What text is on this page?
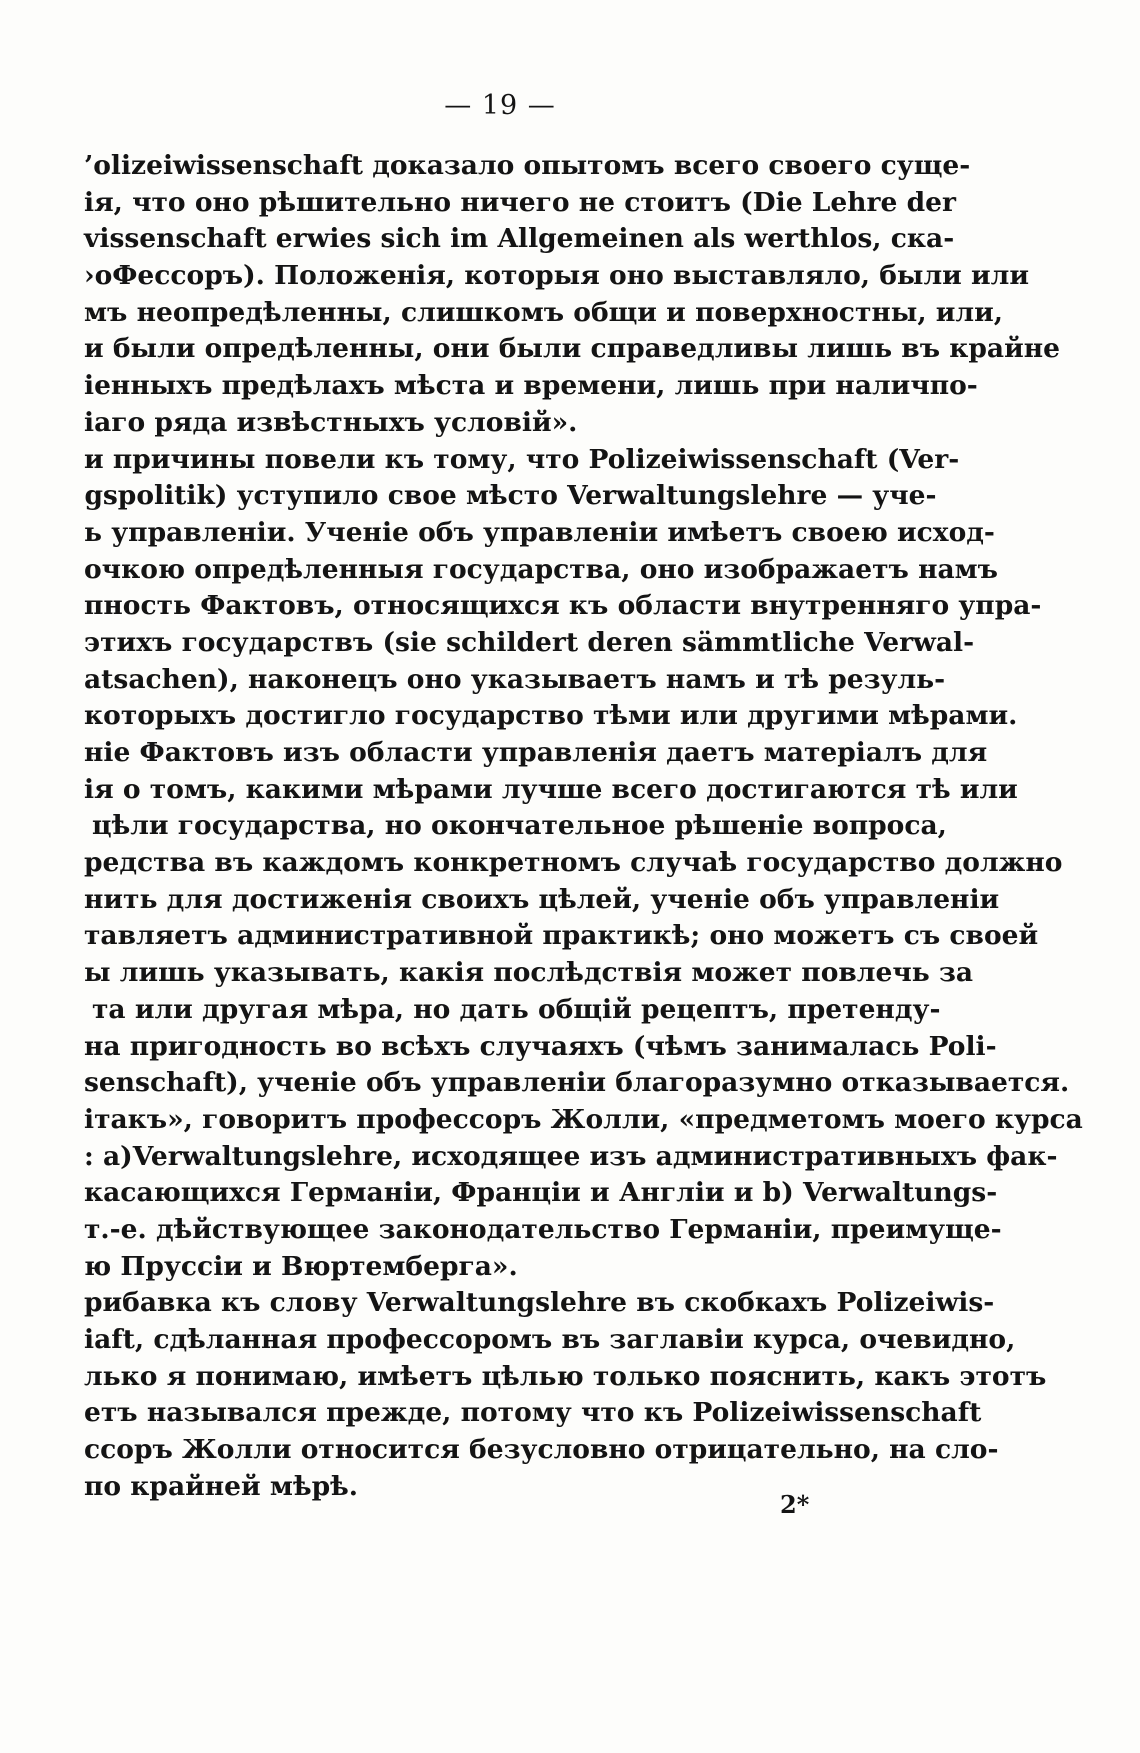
— 19 —
’olizeiwissenschaft доказало опытомъ всего своего суще-
ія, что оно рѣшительно ничего не стоитъ (Die Lehre der
vissenschaft erwies sich im Allgemeinen als werthlos, ска-
›оФессоръ). Положенія, которыя оно выставляло, были или
мъ неопредѣленны, слишкомъ общи и поверхностны, или,
и были опредѣленны, они были справедливы лишь въ крайне
іенныхъ предѣлахъ мѣста и времени, лишь при наличпо-
іаго ряда извѣстныхъ условій».
и причины повели къ тому, что Polizeiwissenschaft (Ver-
ցsрolitik) уступило свое мѣсто Verwaltungslehre — уче-
ь управленіи. Ученіе объ управленіи имѣетъ своею исход-
очкою опредѣленныя государства, оно изображаетъ намъ
пность Фактовъ, относящихся къ области внутренняго упра-
этихъ государствъ (sie schildert deren sämmtliche Verwal-
atsachen), наконецъ оно указываетъ намъ и тѣ резуль-
которыхъ достигло государство тѣми или другими мѣрами.
ніе Фактовъ изъ области управленія даетъ матеріалъ для
ія о томъ, какими мѣрами лучше всего достигаются тѣ или
цѣли государства, но окончательное рѣшеніе вопроса,
редства въ каждомъ конкретномъ случаѣ государство должно
нить для достиженія своихъ цѣлей, ученіе объ управленіи
тавляетъ административной практикѣ; оно можетъ съ своей
ы лишь указывать, какія послѣдствія может повлечь за
та или другая мѣра, но дать общій рецептъ, претенду-
на пригодность во всѣхъ случаяхъ (чѣмъ занималась Poli-
senschaft), ученіе объ управленіи благоразумно отказывается.
ітакъ», говоритъ профессоръ Жолли, «предметомъ моего курса
: a)Verwaltungslehre, исходящее изъ административныхъ фак-
касающихся Германіи, Франціи и Англіи и b) Verwaltungs-
т.-е. дѣйствующее законодательство Германіи, преимуще-
ю Пруссіи и Вюртемберга».
рибавка къ слову Verwaltungslehre въ скобкахъ Polizeiwis-
іaft, сдѣланная профессоромъ въ заглавіи курса, очевидно,
лько я понимаю, имѣетъ цѣлью только пояснить, какъ этотъ
етъ назывался прежде, потому что къ Polizeiwissenschaft
ссоръ Жолли относится безусловно отрицательно, на сло-
по крайней мѣрѣ.
2*
